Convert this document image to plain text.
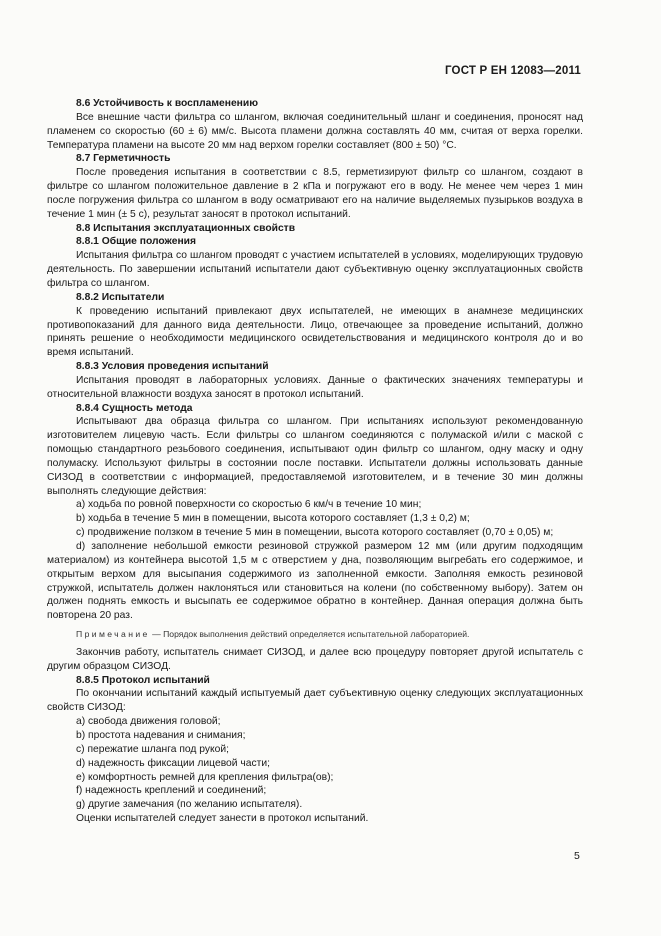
ГОСТ Р ЕН 12083—2011

8.6 Устойчивость к воспламенению

Все внешние части фильтра со шлангом, включая соединительный шланг и соединения, проносят над пламенем со скоростью (60 ± 6) мм/с. Высота пламени должна составлять 40 мм, считая от верха горелки. Температура пламени на высоте 20 мм над верхом горелки составляет (800 ± 50) °С.

8.7 Герметичность

После проведения испытания в соответствии с 8.5, герметизируют фильтр со шлангом, создают в фильтре со шлангом положительное давление в 2 кПа и погружают его в воду. Не менее чем через 1 мин после погружения фильтра со шлангом в воду осматривают его на наличие выделяемых пузырьков воздуха в течение 1 мин (± 5 с), результат заносят в протокол испытаний.

8.8 Испытания эксплуатационных свойств

8.8.1 Общие положения

Испытания фильтра со шлангом проводят с участием испытателей в условиях, моделирующих трудовую деятельность. По завершении испытаний испытатели дают субъективную оценку эксплуатационных свойств фильтра со шлангом.

8.8.2 Испытатели

К проведению испытаний привлекают двух испытателей, не имеющих в анамнезе медицинских противопоказаний для данного вида деятельности. Лицо, отвечающее за проведение испытаний, должно принять решение о необходимости медицинского освидетельствования и медицинского контроля до и во время испытаний.

8.8.3 Условия проведения испытаний

Испытания проводят в лабораторных условиях. Данные о фактических значениях температуры и относительной влажности воздуха заносят в протокол испытаний.

8.8.4 Сущность метода

Испытывают два образца фильтра со шлангом. При испытаниях используют рекомендованную изготовителем лицевую часть. Если фильтры со шлангом соединяются с полумаской и/или с маской с помощью стандартного резьбового соединения, испытывают один фильтр со шлангом, одну маску и одну полумаску. Используют фильтры в состоянии после поставки. Испытатели должны использовать данные СИЗОД в соответствии с информацией, предоставляемой изготовителем, и в течение 30 мин должны выполнять следующие действия:

a) ходьба по ровной поверхности со скоростью 6 км/ч в течение 10 мин;

b) ходьба в течение 5 мин в помещении, высота которого составляет (1,3 ± 0,2) м;

c) продвижение ползком в течение 5 мин в помещении, высота которого составляет (0,70 ± 0,05) м;

d) заполнение небольшой емкости резиновой стружкой размером 12 мм (или другим подходящим материалом) из контейнера высотой 1,5 м с отверстием у дна, позволяющим выгребать его содержимое, и открытым верхом для высыпания содержимого из заполненной емкости. Заполняя емкость резиновой стружкой, испытатель должен наклоняться или становиться на колени (по собственному выбору). Затем он должен поднять емкость и высыпать ее содержимое обратно в контейнер. Данная операция должна быть повторена 20 раз.

Примечание — Порядок выполнения действий определяется испытательной лабораторией.

Закончив работу, испытатель снимает СИЗОД, и далее всю процедуру повторяет другой испытатель с другим образцом СИЗОД.

8.8.5 Протокол испытаний

По окончании испытаний каждый испытуемый дает субъективную оценку следующих эксплуатационных свойств СИЗОД:

a) свобода движения головой;

b) простота надевания и снимания;

c) пережатие шланга под рукой;

d) надежность фиксации лицевой части;

e) комфортность ремней для крепления фильтра(ов);

f) надежность креплений и соединений;

g) другие замечания (по желанию испытателя).

Оценки испытателей следует занести в протокол испытаний.

5
